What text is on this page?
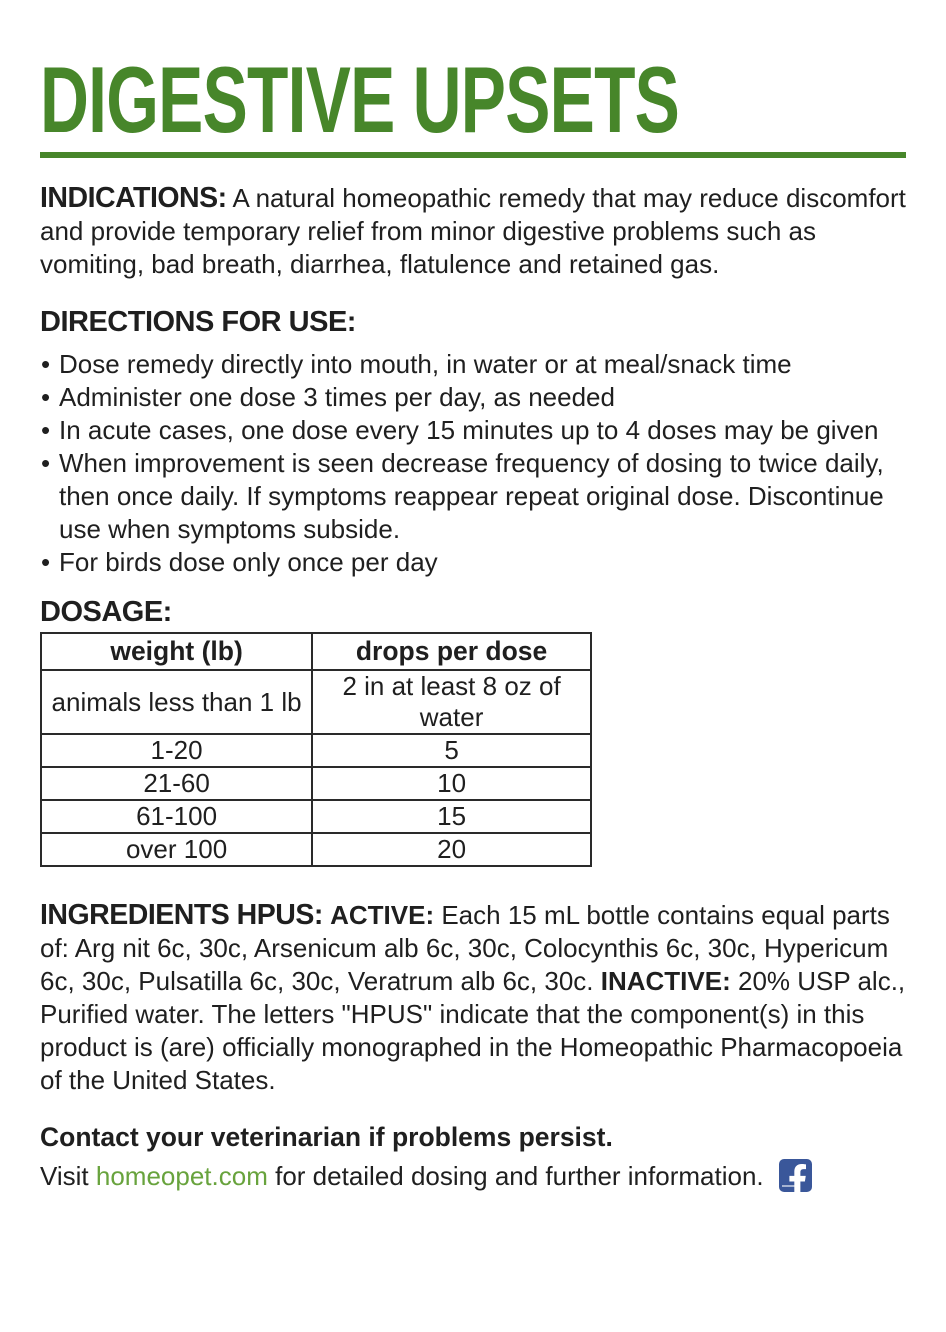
DIGESTIVE UPSETS

INDICATIONS: A natural homeopathic remedy that may reduce discomfort and provide temporary relief from minor digestive problems such as vomiting, bad breath, diarrhea, flatulence and retained gas.

DIRECTIONS FOR USE:
• Dose remedy directly into mouth, in water or at meal/snack time
• Administer one dose 3 times per day, as needed
• In acute cases, one dose every 15 minutes up to 4 doses may be given
• When improvement is seen decrease frequency of dosing to twice daily, then once daily. If symptoms reappear repeat original dose. Discontinue use when symptoms subside.
• For birds dose only once per day
DOSAGE:
weight (lb)	drops per dose
animals less than 1 lb	2 in at least 8 oz of water
1-20	5
21-60	10
61-100	15
over 100	20

INGREDIENTS HPUS: ACTIVE: Each 15 mL bottle contains equal parts of: Arg nit 6c, 30c, Arsenicum alb 6c, 30c, Colocynthis 6c, 30c, Hypericum 6c, 30c, Pulsatilla 6c, 30c, Veratrum alb 6c, 30c. INACTIVE: 20% USP alc., Purified water. The letters "HPUS" indicate that the component(s) in this product is (are) officially monographed in the Homeopathic Pharmacopoeia of the United States.

Contact your veterinarian if problems persist.

Visit homeopet.com for detailed dosing and further information.
